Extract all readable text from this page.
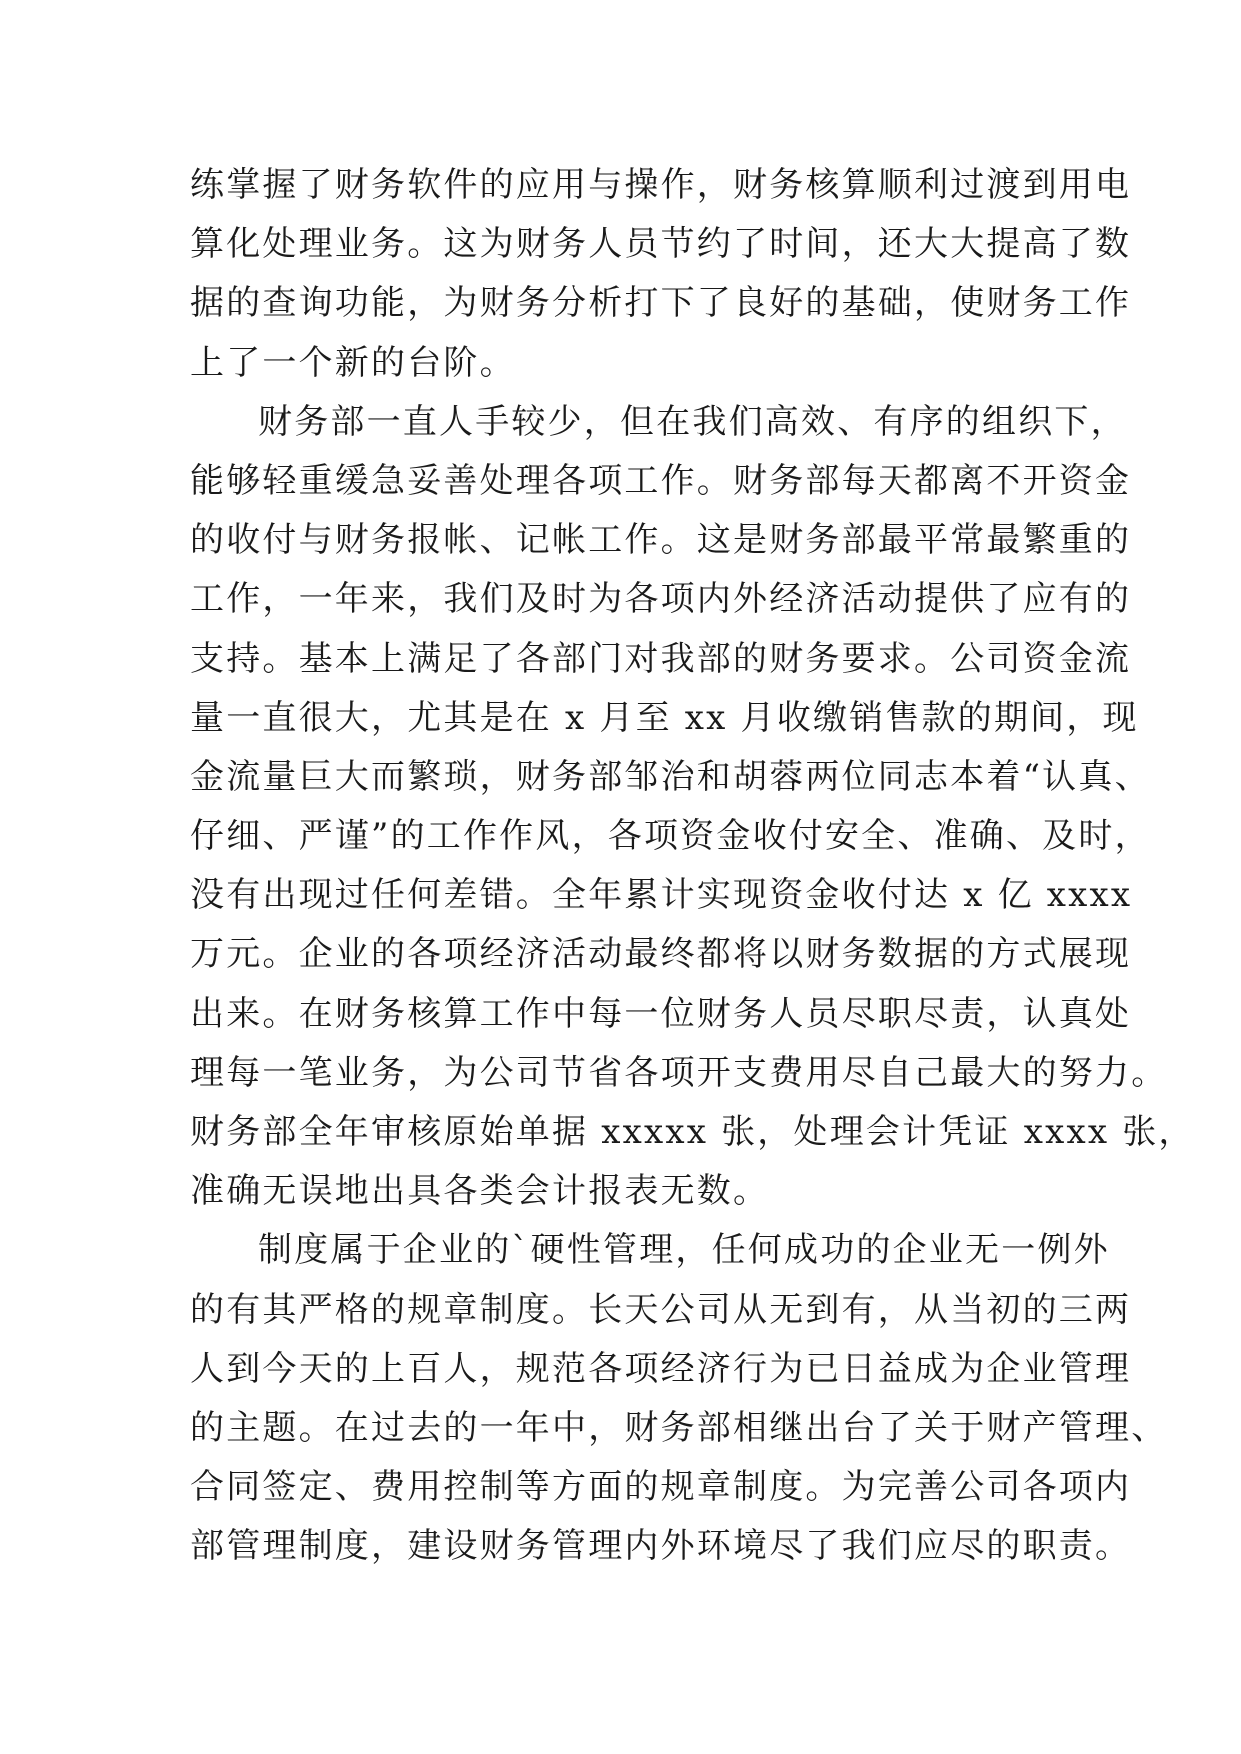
练掌握了财务软件的应用与操作，财务核算顺利过渡到用电
算化处理业务。这为财务人员节约了时间，还大大提高了数
据的查询功能，为财务分析打下了良好的基础，使财务工作
上了一个新的台阶。
财务部一直人手较少，但在我们高效、有序的组织下，
能够轻重缓急妥善处理各项工作。财务部每天都离不开资金
的收付与财务报帐、记帐工作。这是财务部最平常最繁重的
工作，一年来，我们及时为各项内外经济活动提供了应有的
支持。基本上满足了各部门对我部的财务要求。公司资金流
量一直很大，尤其是在 x 月至 xx 月收缴销售款的期间，现
金流量巨大而繁琐，财务部邹治和胡蓉两位同志本着“认真、
仔细、严谨”的工作作风，各项资金收付安全、准确、及时，
没有出现过任何差错。全年累计实现资金收付达 x 亿 xxxx
万元。企业的各项经济活动最终都将以财务数据的方式展现
出来。在财务核算工作中每一位财务人员尽职尽责，认真处
理每一笔业务，为公司节省各项开支费用尽自己最大的努力。
财务部全年审核原始单据 xxxxx 张，处理会计凭证 xxxx 张，
准确无误地出具各类会计报表无数。
制度属于企业的`硬性管理，任何成功的企业无一例外
的有其严格的规章制度。长天公司从无到有，从当初的三两
人到今天的上百人，规范各项经济行为已日益成为企业管理
的主题。在过去的一年中，财务部相继出台了关于财产管理、
合同签定、费用控制等方面的规章制度。为完善公司各项内
部管理制度，建设财务管理内外环境尽了我们应尽的职责。
